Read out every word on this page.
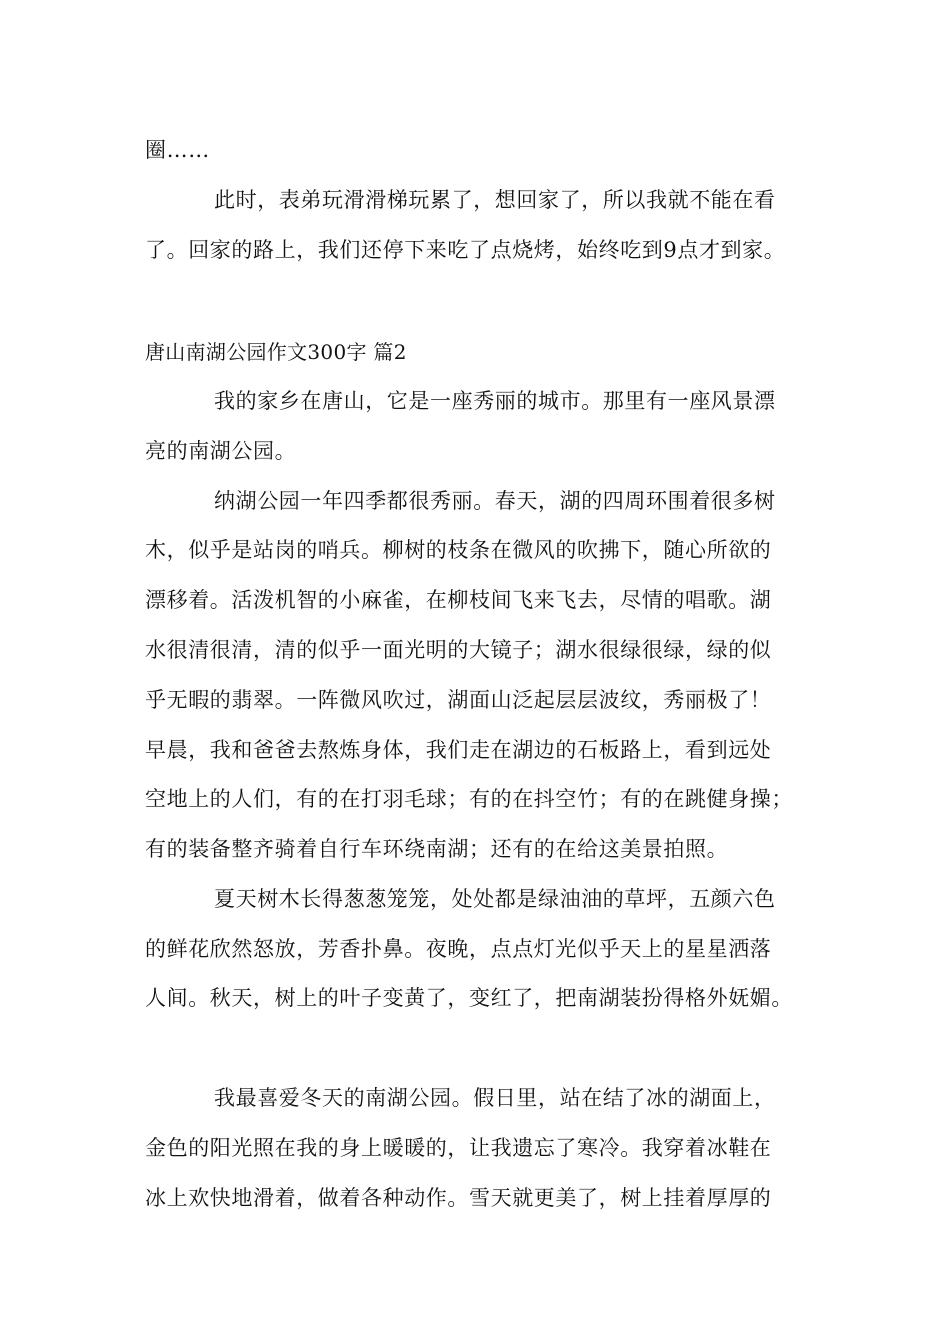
圈……
此时，表弟玩滑滑梯玩累了，想回家了，所以我就不能在看
了。回家的路上，我们还停下来吃了点烧烤，始终吃到9点才到家。
唐山南湖公园作文300字 篇2
我的家乡在唐山，它是一座秀丽的城市。那里有一座风景漂
亮的南湖公园。
纳湖公园一年四季都很秀丽。春天，湖的四周环围着很多树
木，似乎是站岗的哨兵。柳树的枝条在微风的吹拂下，随心所欲的
漂移着。活泼机智的小麻雀，在柳枝间飞来飞去，尽情的唱歌。湖
水很清很清，清的似乎一面光明的大镜子；湖水很绿很绿，绿的似
乎无暇的翡翠。一阵微风吹过，湖面山泛起层层波纹，秀丽极了！
早晨，我和爸爸去熬炼身体，我们走在湖边的石板路上，看到远处
空地上的人们，有的在打羽毛球；有的在抖空竹；有的在跳健身操；
有的装备整齐骑着自行车环绕南湖；还有的在给这美景拍照。
夏天树木长得葱葱笼笼，处处都是绿油油的草坪，五颜六色
的鲜花欣然怒放，芳香扑鼻。夜晚，点点灯光似乎天上的星星洒落
人间。秋天，树上的叶子变黄了，变红了，把南湖装扮得格外妩媚。
我最喜爱冬天的南湖公园。假日里，站在结了冰的湖面上，
金色的阳光照在我的身上暖暖的，让我遗忘了寒冷。我穿着冰鞋在
冰上欢快地滑着，做着各种动作。雪天就更美了，树上挂着厚厚的
